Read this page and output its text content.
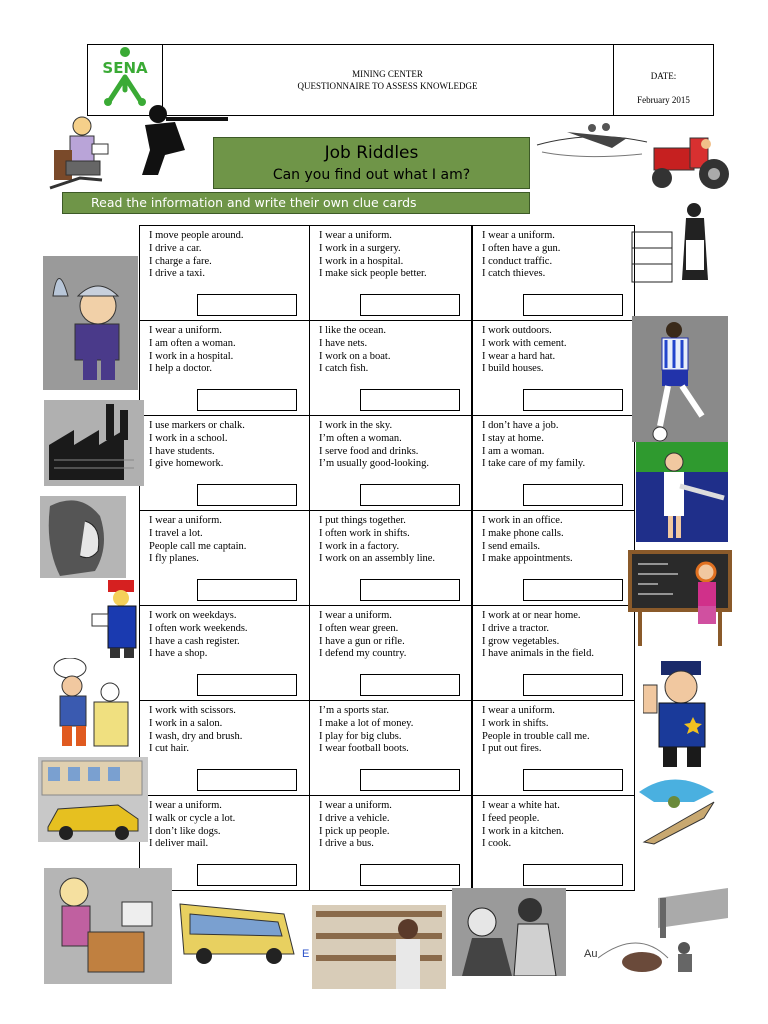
SENA	MINING CENTER
QUESTIONNAIRE TO ASSESS KNOWLEDGE
DATE:
February 2015
Job Riddles
Can you find out what I am?
Read the information and write their own clue cards
I move people around.
I drive a car.
I charge a fare.
I drive a taxi.
I wear a uniform.
I work in a surgery.
I work in a hospital.
I make sick people better.
I wear a uniform.
I often have a gun.
I conduct traffic.
I catch thieves.
I wear a uniform.
I am often a woman.
I work in a hospital.
I help a doctor.
I like the ocean.
I have nets.
I work on a boat.
I catch fish.
I work outdoors.
I work with cement.
I wear a hard hat.
I build houses.
I use markers or chalk.
I work in a school.
I have students.
I give homework.
I work in the sky.
I’m often a woman.
I serve food and drinks.
I’m usually good-looking.
I don’t have a job.
I stay at home.
I am a woman.
I take care of my family.
I wear a uniform.
I travel a lot.
People call me captain.
I fly planes.
I put things together.
I often work in shifts.
I work in a factory.
I work on an assembly line.
I work in an office.
I make phone calls.
I send emails.
I make appointments.
I work on weekdays.
I often work weekends.
I have a cash register.
I have a shop.
I wear a uniform.
I often wear green.
I have a gun or rifle.
I defend my country.
I work at or near home.
I drive a tractor.
I grow vegetables.
I have animals in the field.
I work with scissors.
I work in a salon.
I wash, dry and brush.
I cut hair.
I’m a sports star.
I make a lot of money.
I play for big clubs.
I wear football boots.
I wear a uniform.
I work in shifts.
People in trouble call me.
I put out fires.
I wear a uniform.
I walk or cycle a lot.
I don’t like dogs.
I deliver mail.
I wear a uniform.
I drive a vehicle.
I pick up people.
I drive a bus.
I wear a white hat.
I feed people.
I work in a kitchen.
I cook.
E	Au
